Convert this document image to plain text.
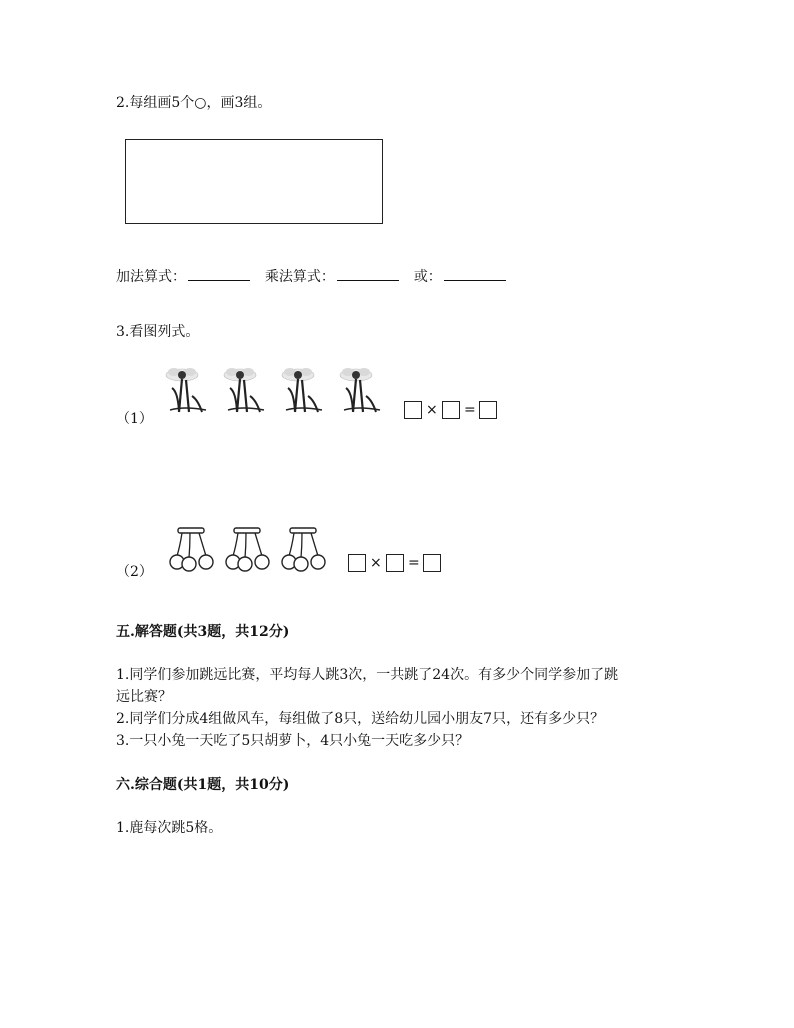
2.每组画5个○，画3组。
加法算式：	乘法算式：	或：
3.看图列式。
（1）
× =
（2）
× =
五.解答题(共3题，共12分)
1.同学们参加跳远比赛，平均每人跳3次，一共跳了24次。有多少个同学参加了跳
远比赛？
2.同学们分成4组做风车，每组做了8只，送给幼儿园小朋友7只，还有多少只？
3.一只小兔一天吃了5只胡萝卜，4只小兔一天吃多少只？
六.综合题(共1题，共10分)
1.鹿每次跳5格。
